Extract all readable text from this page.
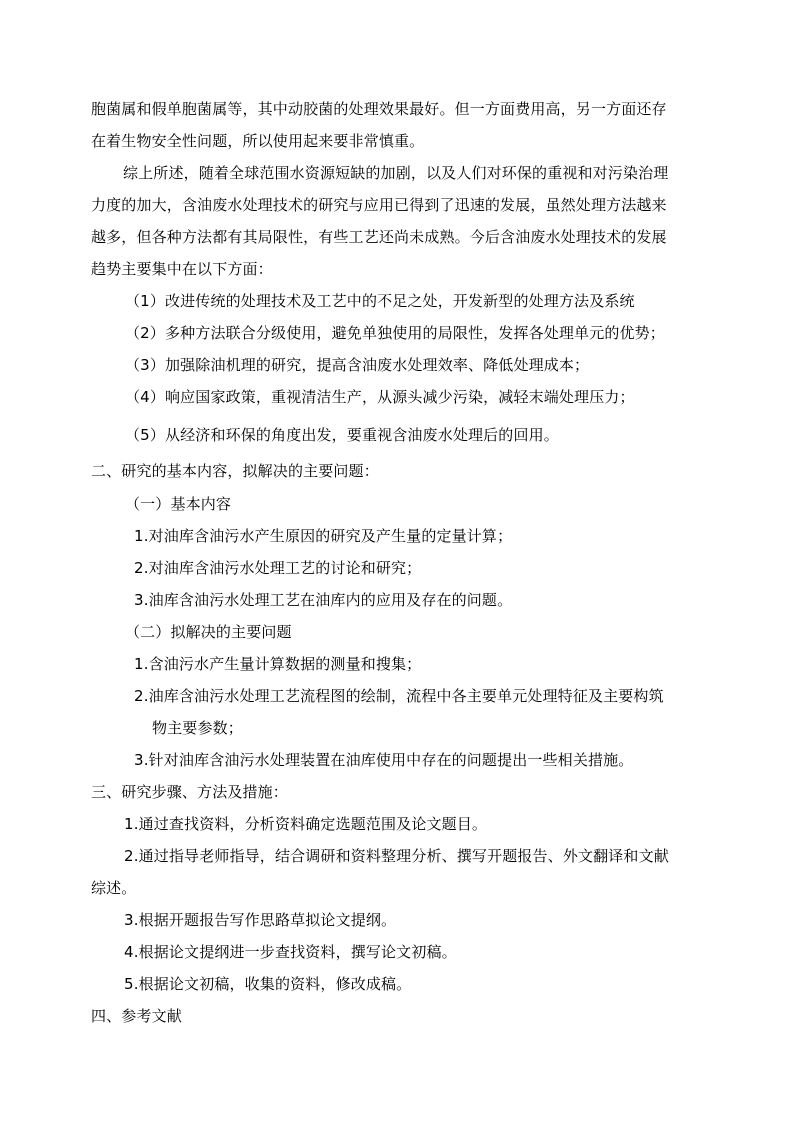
胞菌属和假单胞菌属等，其中动胶菌的处理效果最好。但一方面费用高，另一方面还存
在着生物安全性问题，所以使用起来要非常慎重。
综上所述，随着全球范围水资源短缺的加剧，以及人们对环保的重视和对污染治理
力度的加大，含油废水处理技术的研究与应用已得到了迅速的发展，虽然处理方法越来
越多，但各种方法都有其局限性，有些工艺还尚未成熟。今后含油废水处理技术的发展
趋势主要集中在以下方面：
（1）改进传统的处理技术及工艺中的不足之处，开发新型的处理方法及系统
（2）多种方法联合分级使用，避免单独使用的局限性，发挥各处理单元的优势；
（3）加强除油机理的研究，提高含油废水处理效率、降低处理成本；
（4）响应国家政策，重视清洁生产，从源头减少污染，减轻末端处理压力；
（5）从经济和环保的角度出发，要重视含油废水处理后的回用。
二、研究的基本内容，拟解决的主要问题：
（一）基本内容
1.对油库含油污水产生原因的研究及产生量的定量计算；
2.对油库含油污水处理工艺的讨论和研究；
3.油库含油污水处理工艺在油库内的应用及存在的问题。
（二）拟解决的主要问题
1.含油污水产生量计算数据的测量和搜集；
2.油库含油污水处理工艺流程图的绘制，流程中各主要单元处理特征及主要构筑
物主要参数；
3.针对油库含油污水处理装置在油库使用中存在的问题提出一些相关措施。
三、研究步骤、方法及措施：
1.通过查找资料，分析资料确定选题范围及论文题目。
2.通过指导老师指导，结合调研和资料整理分析、撰写开题报告、外文翻译和文献
综述。
3.根据开题报告写作思路草拟论文提纲。
4.根据论文提纲进一步查找资料，撰写论文初稿。
5.根据论文初稿，收集的资料，修改成稿。
四、参考文献
